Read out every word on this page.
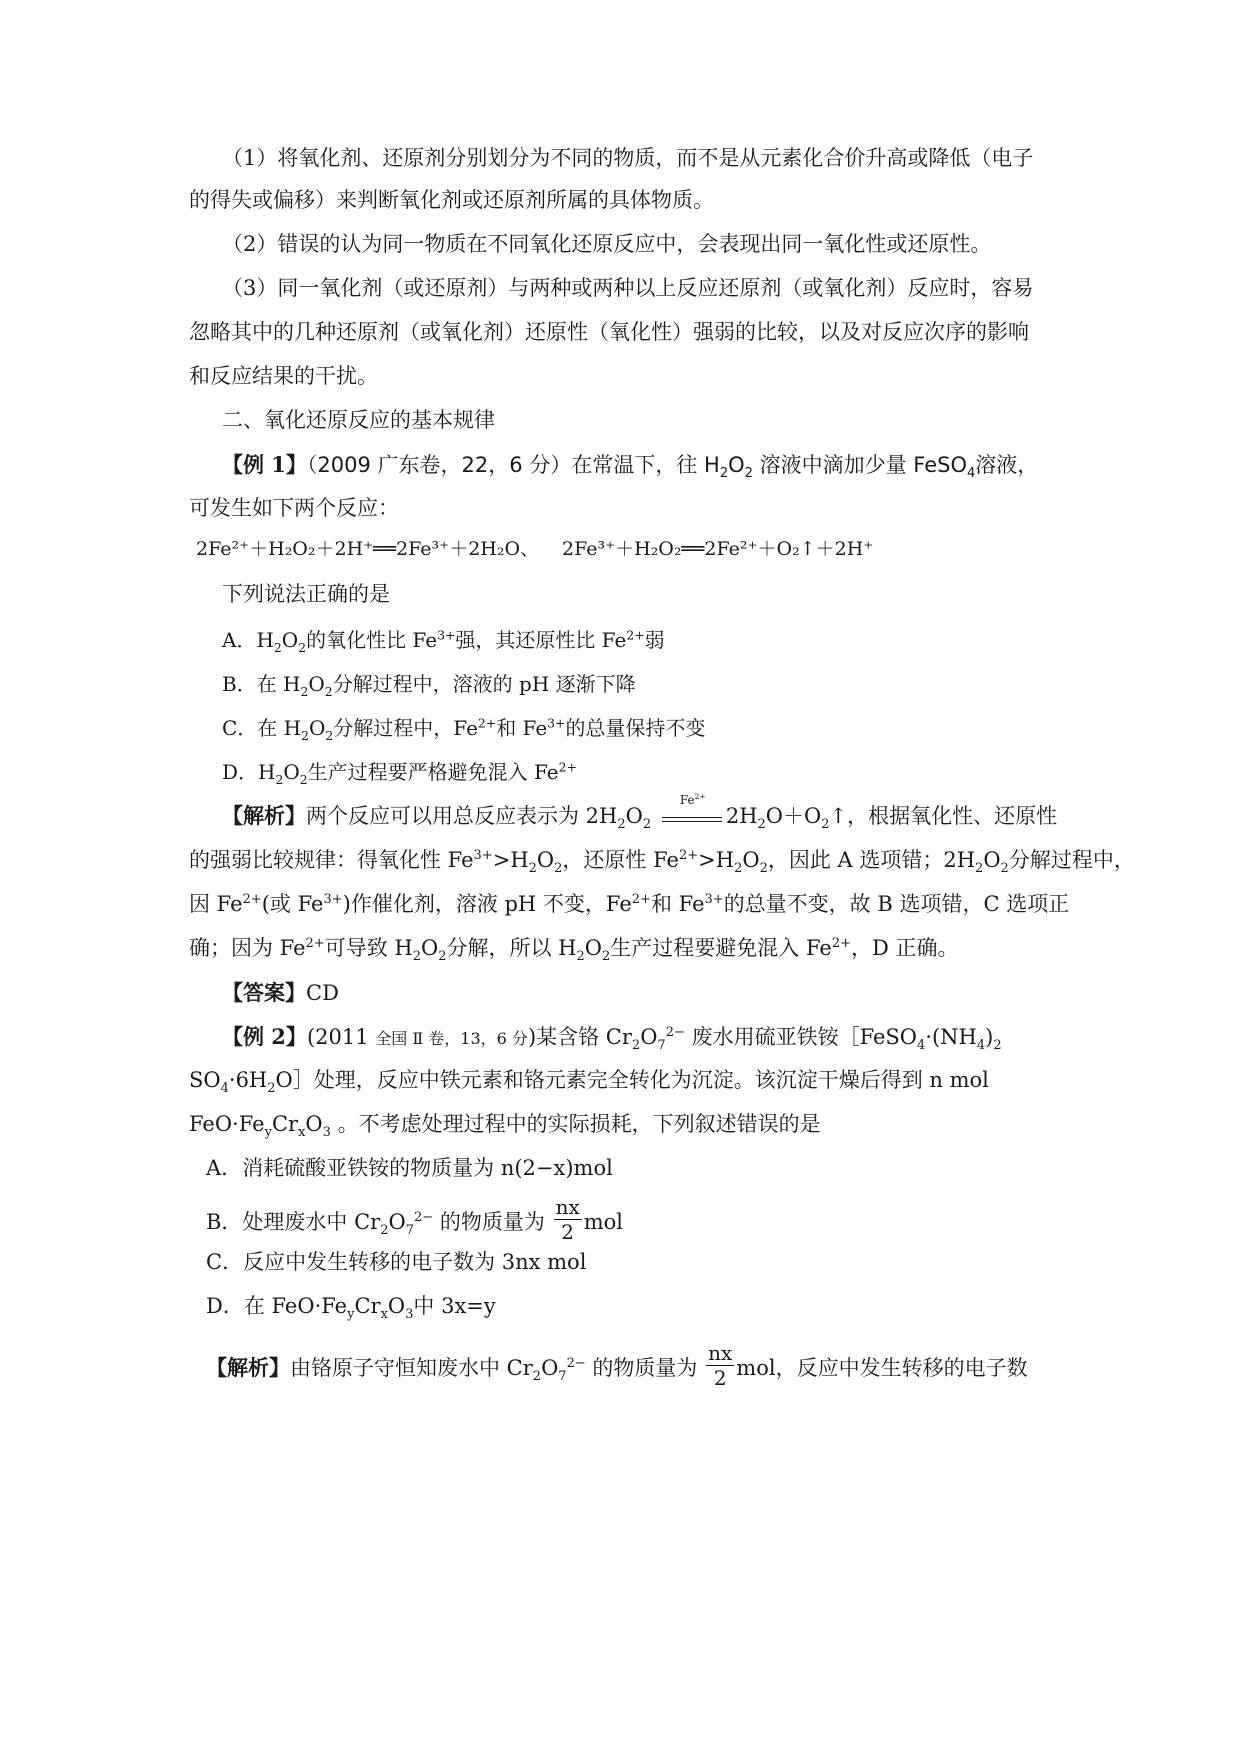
（1）将氧化剂、还原剂分别划分为不同的物质，而不是从元素化合价升高或降低（电子
的得失或偏移）来判断氧化剂或还原剂所属的具体物质。
（2）错误的认为同一物质在不同氧化还原反应中，会表现出同一氧化性或还原性。
（3）同一氧化剂（或还原剂）与两种或两种以上反应还原剂（或氧化剂）反应时，容易
忽略其中的几种还原剂（或氧化剂）还原性（氧化性）强弱的比较，以及对反应次序的影响
和反应结果的干扰。
二、氧化还原反应的基本规律
【例 1】（2009 广东卷，22，6 分）在常温下，往 $H_2O_2$ 溶液中滴加少量 FeSO$_4$溶液，
可发生如下两个反应：
2Fe²⁺＋H₂O₂＋2H⁺══2Fe³⁺＋2H₂O、 2Fe³⁺＋H₂O₂══2Fe²⁺＋O₂↑＋2H⁺
下列说法正确的是
A．$H_2O_2$的氧化性比 $Fe^{3+}$强，其还原性比 $Fe^{2+}$弱
B．在 $H_2O_2$分解过程中，溶液的 pH 逐渐下降
C．在 $H_2O_2$分解过程中，$Fe^{2+}$和 $Fe^{3+}$的总量保持不变
D．$H_2O_2$生产过程要严格避免混入 $Fe^{2+}$
【解析】两个反应可以用总反应表示为 $2H_2O_2$
$Fe^{2+}$
$2H_2O+O_2↑$，根据氧化性、还原性
的强弱比较规律：得氧化性 $Fe^{3+}>H_2O_2$，还原性 $Fe^{2+}>H_2O_2$，因此 A 选项错；$2H_2O_2$分解过程中，
因 $Fe^{2+}$(或 $Fe^{3+}$)作催化剂，溶液 pH 不变，$Fe^{2+}$和 $Fe^{3+}$的总量不变，故 B 选项错，C 选项正
确；因为 $Fe^{2+}$可导致 $H_2O_2$分解，所以 $H_2O_2$生产过程要避免混入 $Fe^{2+}$，D 正确。
【答案】CD
【例 2】(2011 全国 Ⅱ 卷，13，6 分)某含铬 $Cr_2O_7^{2-}$ 废水用硫亚铁铵$[FeSO_4\cdot(NH_4)_2$
$SO_4\cdot 6H_2O]$处理，反应中铁元素和铬元素完全转化为沉淀。该沉淀干燥后得到 n mol
$FeO\cdot Fe_yCr_xO_3$ 。不考虑处理过程中的实际损耗，下列叙述错误的是
A．消耗硫酸亚铁铵的物质量为 n(2−x)mol
B．处理废水中 $Cr_2O_7^{2-}$ 的物质量为 $\frac{nx}{2}$ mol
C．反应中发生转移的电子数为 3nx mol
D．在 $FeO\cdot Fe_yCr_xO_3$中 3x=y
【解析】由铬原子守恒知废水中 $Cr_2O_7^{2-}$ 的物质量为 $\frac{nx}{2}$ mol，反应中发生转移的电子数
